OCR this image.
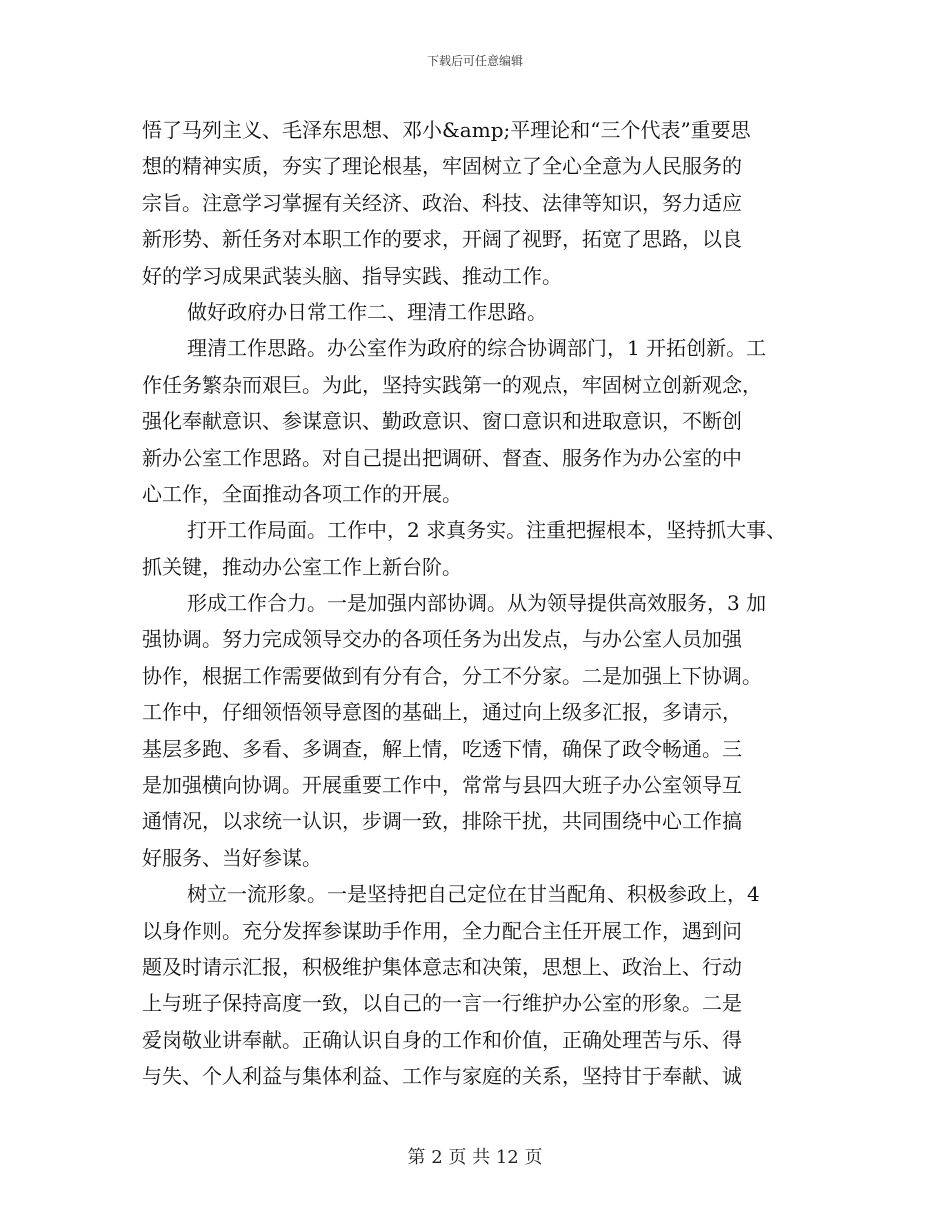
下载后可任意编辑
悟了马列主义、毛泽东思想、邓小&amp;平理论和“三个代表”重要思
想的精神实质，夯实了理论根基，牢固树立了全心全意为人民服务的
宗旨。注意学习掌握有关经济、政治、科技、法律等知识，努力适应
新形势、新任务对本职工作的要求，开阔了视野，拓宽了思路，以良
好的学习成果武装头脑、指导实践、推动工作。
做好政府办日常工作二、理清工作思路。
理清工作思路。办公室作为政府的综合协调部门，1 开拓创新。工
作任务繁杂而艰巨。为此，坚持实践第一的观点，牢固树立创新观念，
强化奉献意识、参谋意识、勤政意识、窗口意识和进取意识，不断创
新办公室工作思路。对自己提出把调研、督查、服务作为办公室的中
心工作，全面推动各项工作的开展。
打开工作局面。工作中，2 求真务实。注重把握根本，坚持抓大事、
抓关键，推动办公室工作上新台阶。
形成工作合力。一是加强内部协调。从为领导提供高效服务，3 加
强协调。努力完成领导交办的各项任务为出发点，与办公室人员加强
协作，根据工作需要做到有分有合，分工不分家。二是加强上下协调。
工作中，仔细领悟领导意图的基础上，通过向上级多汇报，多请示，
基层多跑、多看、多调查，解上情，吃透下情，确保了政令畅通。三
是加强横向协调。开展重要工作中，常常与县四大班子办公室领导互
通情况，以求统一认识，步调一致，排除干扰，共同围绕中心工作搞
好服务、当好参谋。
树立一流形象。一是坚持把自己定位在甘当配角、积极参政上，4
以身作则。充分发挥参谋助手作用，全力配合主任开展工作，遇到问
题及时请示汇报，积极维护集体意志和决策，思想上、政治上、行动
上与班子保持高度一致，以自己的一言一行维护办公室的形象。二是
爱岗敬业讲奉献。正确认识自身的工作和价值，正确处理苦与乐、得
与失、个人利益与集体利益、工作与家庭的关系，坚持甘于奉献、诚
第 2 页 共 12 页
